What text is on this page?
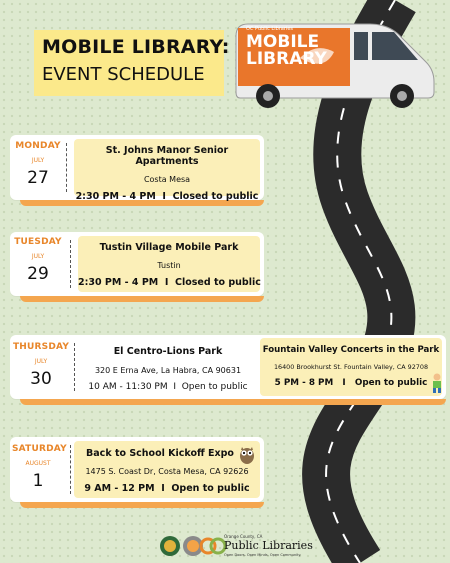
MOBILE LIBRARY:
EVENT SCHEDULE
OC Public Libraries
MOBILE
LIBRARY
MONDAY
JULY
27
St. Johns Manor Senior Apartments
Costa Mesa
2:30 PM - 4 PM  I  Closed to public
TUESDAY
JULY
29
Tustin Village Mobile Park
Tustin
2:30 PM - 4 PM  I  Closed to public
THURSDAY
JULY
30
El Centro-Lions Park
320 E Erna Ave, La Habra, CA 90631
10 AM - 11:30 PM  I  Open to public
Fountain Valley Concerts in the Park
16400 Brookhurst St. Fountain Valley, CA 92708
5 PM - 8 PM   I   Open to public
SATURDAY
AUGUST
1
Back to School Kickoff Expo
1475 S. Coast Dr, Costa Mesa, CA 92626
9 AM - 12 PM  I  Open to public
Orange County, CA
Public Libraries
Open Doors. Open Minds. Open Community.
